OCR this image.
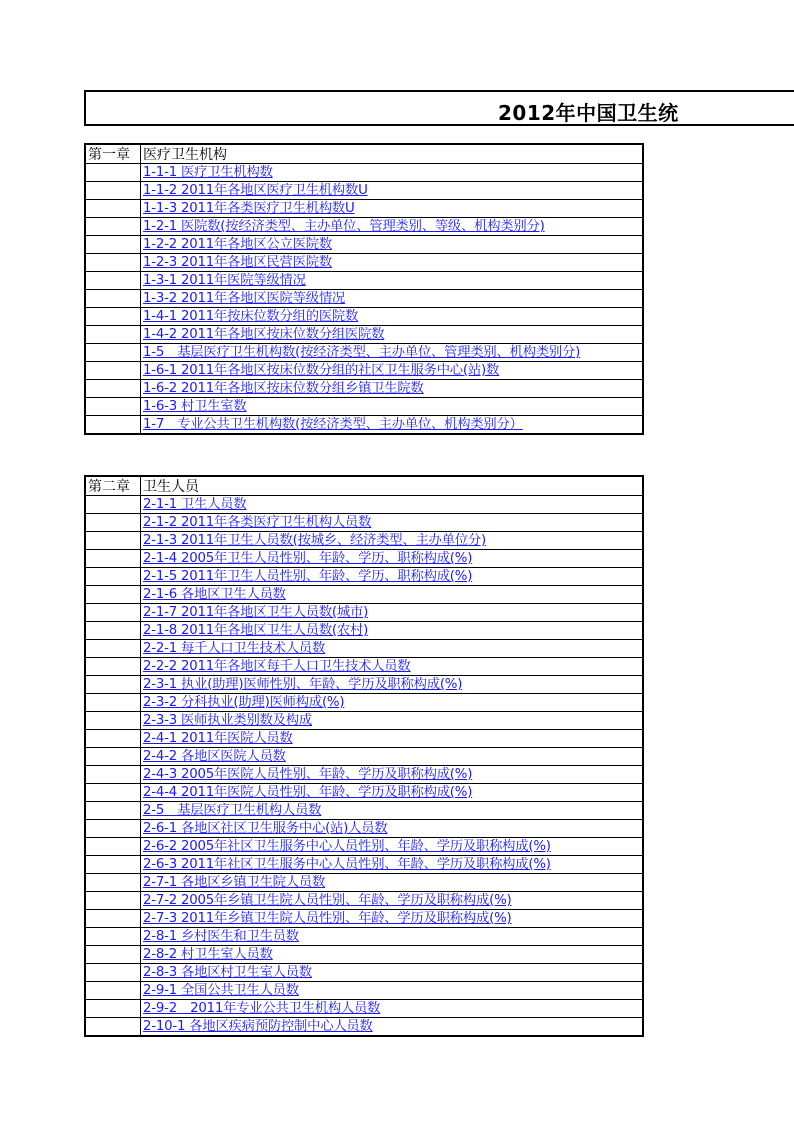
2012年中国卫生统
第一章 医疗卫生机构
1-1-1 医疗卫生机构数
1-1-2 2011年各地区医疗卫生机构数U
1-1-3 2011年各类医疗卫生机构数U
1-2-1 医院数(按经济类型、主办单位、管理类别、等级、机构类别分)
1-2-2 2011年各地区公立医院数
1-2-3 2011年各地区民营医院数
1-3-1 2011年医院等级情况
1-3-2 2011年各地区医院等级情况
1-4-1 2011年按床位数分组的医院数
1-4-2 2011年各地区按床位数分组医院数
1-5　基层医疗卫生机构数(按经济类型、主办单位、管理类别、机构类别分)
1-6-1 2011年各地区按床位数分组的社区卫生服务中心(站)数
1-6-2 2011年各地区按床位数分组乡镇卫生院数
1-6-3 村卫生室数
1-7　专业公共卫生机构数(按经济类型、主办单位、机构类别分）
第二章 卫生人员
2-1-1 卫生人员数
2-1-2 2011年各类医疗卫生机构人员数
2-1-3 2011年卫生人员数(按城乡、经济类型、主办单位分)
2-1-4 2005年卫生人员性别、年龄、学历、职称构成(%)
2-1-5 2011年卫生人员性别、年龄、学历、职称构成(%)
2-1-6 各地区卫生人员数
2-1-7 2011年各地区卫生人员数(城市)
2-1-8 2011年各地区卫生人员数(农村)
2-2-1 每千人口卫生技术人员数
2-2-2 2011年各地区每千人口卫生技术人员数
2-3-1 执业(助理)医师性别、年龄、学历及职称构成(%)
2-3-2 分科执业(助理)医师构成(%)
2-3-3 医师执业类别数及构成
2-4-1 2011年医院人员数
2-4-2 各地区医院人员数
2-4-3 2005年医院人员性别、年龄、学历及职称构成(%)
2-4-4 2011年医院人员性别、年龄、学历及职称构成(%)
2-5　基层医疗卫生机构人员数
2-6-1 各地区社区卫生服务中心(站)人员数
2-6-2 2005年社区卫生服务中心人员性别、年龄、学历及职称构成(%)
2-6-3 2011年社区卫生服务中心人员性别、年龄、学历及职称构成(%)
2-7-1 各地区乡镇卫生院人员数
2-7-2 2005年乡镇卫生院人员性别、年龄、学历及职称构成(%)
2-7-3 2011年乡镇卫生院人员性别、年龄、学历及职称构成(%)
2-8-1 乡村医生和卫生员数
2-8-2 村卫生室人员数
2-8-3 各地区村卫生室人员数
2-9-1 全国公共卫生人员数
2-9-2　2011年专业公共卫生机构人员数
2-10-1 各地区疾病预防控制中心人员数
